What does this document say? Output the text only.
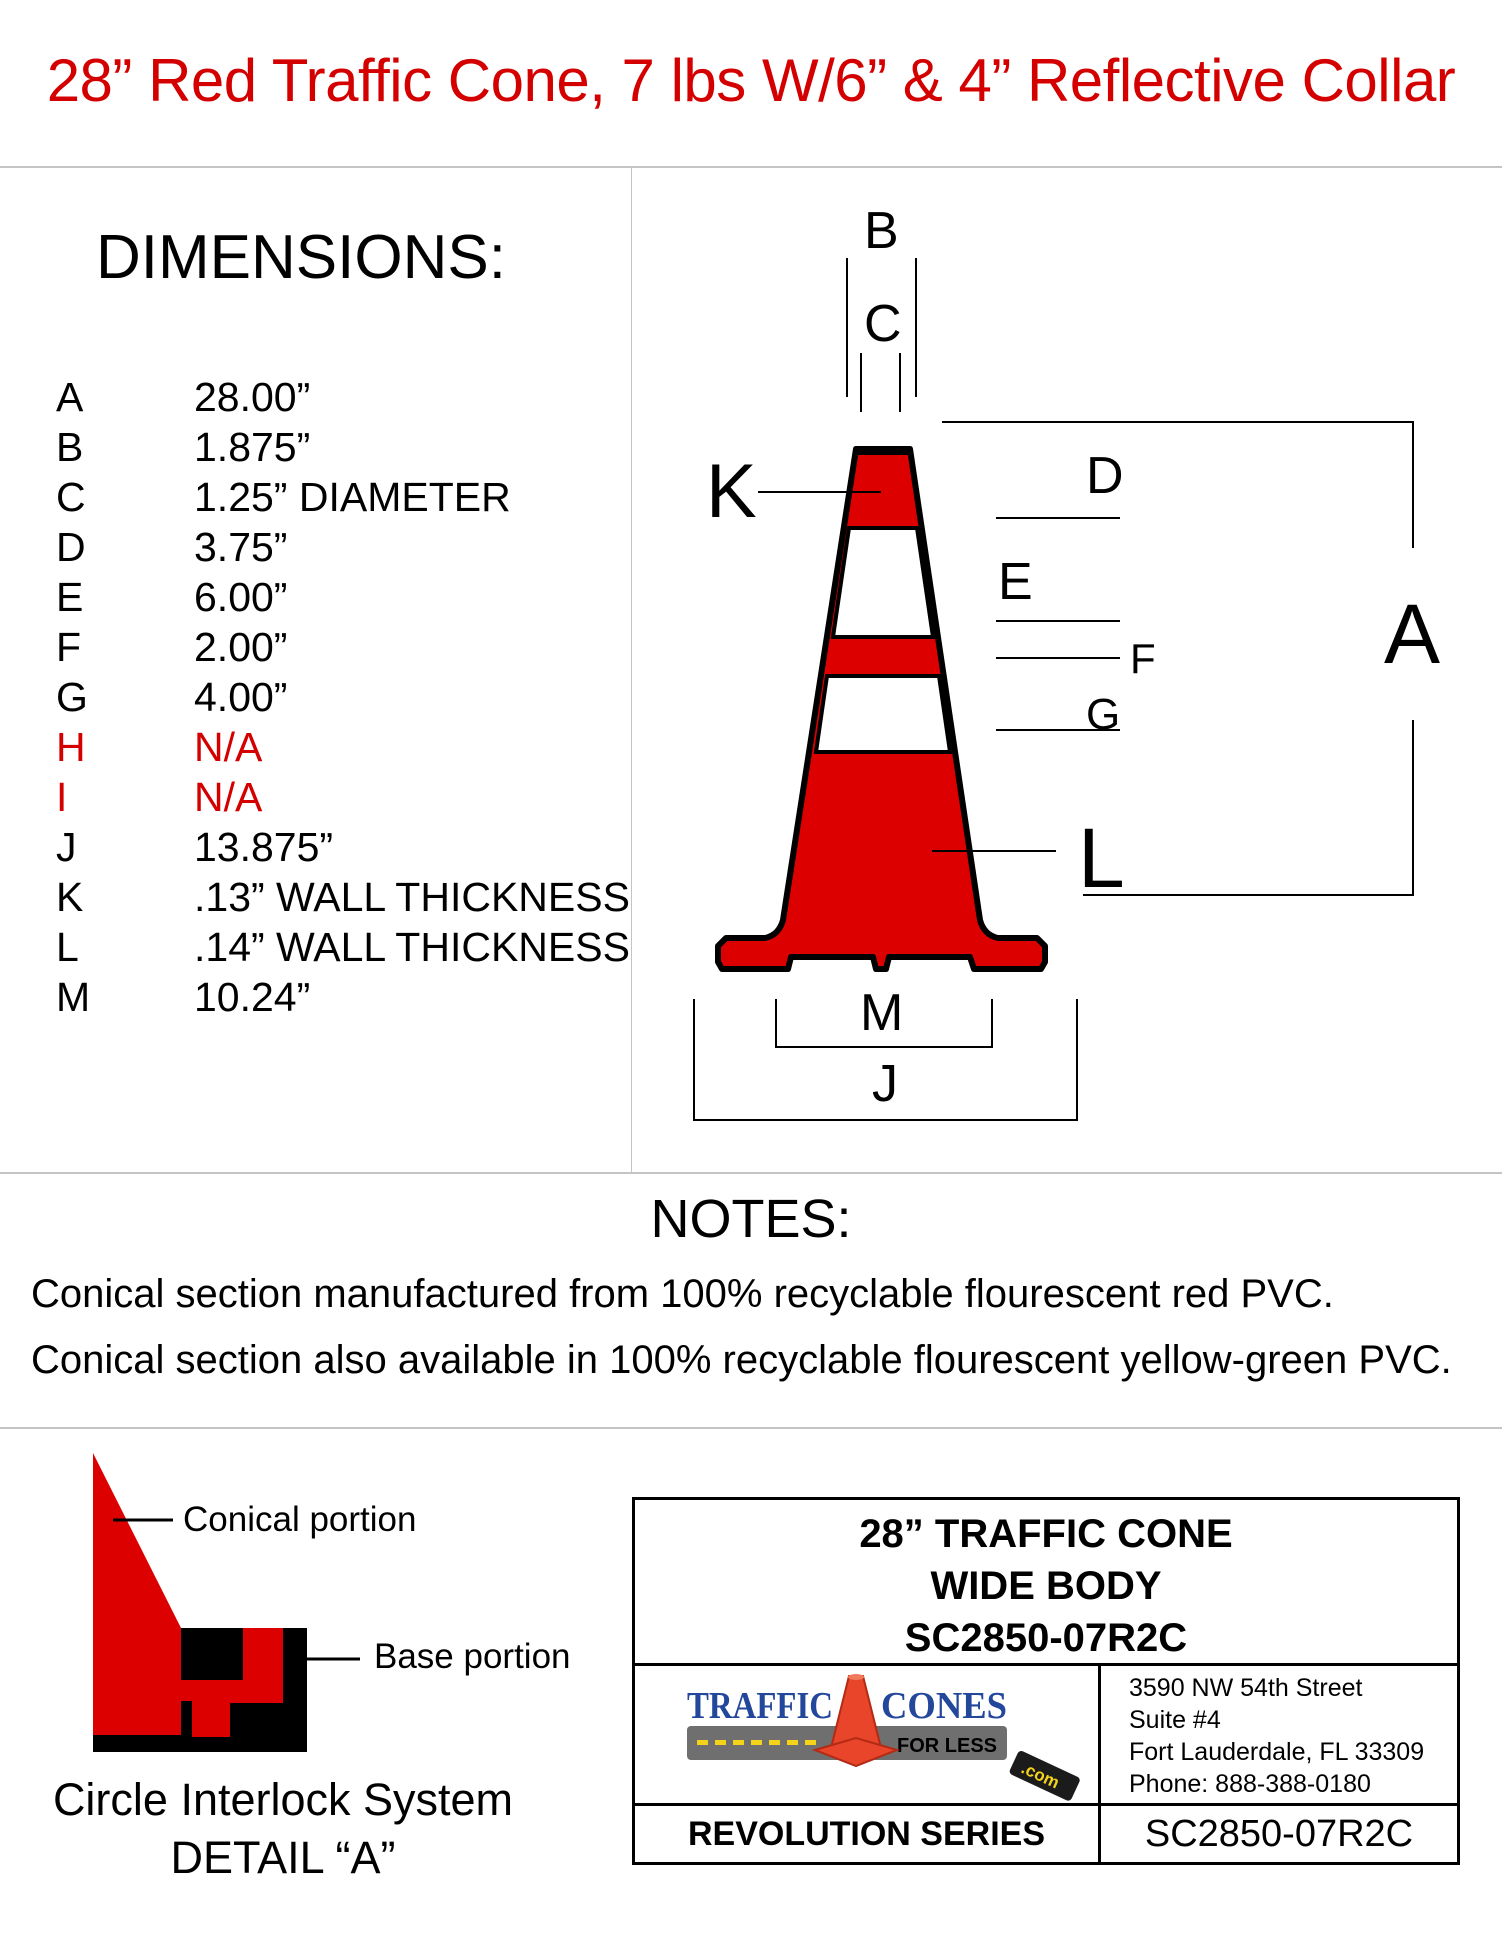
28” Red Traffic Cone, 7 lbs W/6” & 4” Reflective Collar
DIMENSIONS:
A	28.00”
B	1.875”
C	1.25” DIAMETER
D	3.75”
E	6.00”
F	2.00”
G	4.00”
H	N/A
I	N/A
J	13.875”
K	.13” WALL THICKNESS
L	.14” WALL THICKNESS
M	10.24”
B
C
K	D
E
F
G
A
L
M
J
NOTES:
Conical section manufactured from 100% recyclable flourescent red PVC.
Conical section also available in 100% recyclable flourescent yellow-green PVC.
Conical portion
Base portion
Circle Interlock System
DETAIL “A”
28” TRAFFIC CONE
WIDE BODY
SC2850-07R2C
TRAFFIC CONES
FOR LESS
.com
3590 NW 54th Street
Suite #4
Fort Lauderdale, FL 33309
Phone: 888-388-0180
REVOLUTION SERIES	SC2850-07R2C
